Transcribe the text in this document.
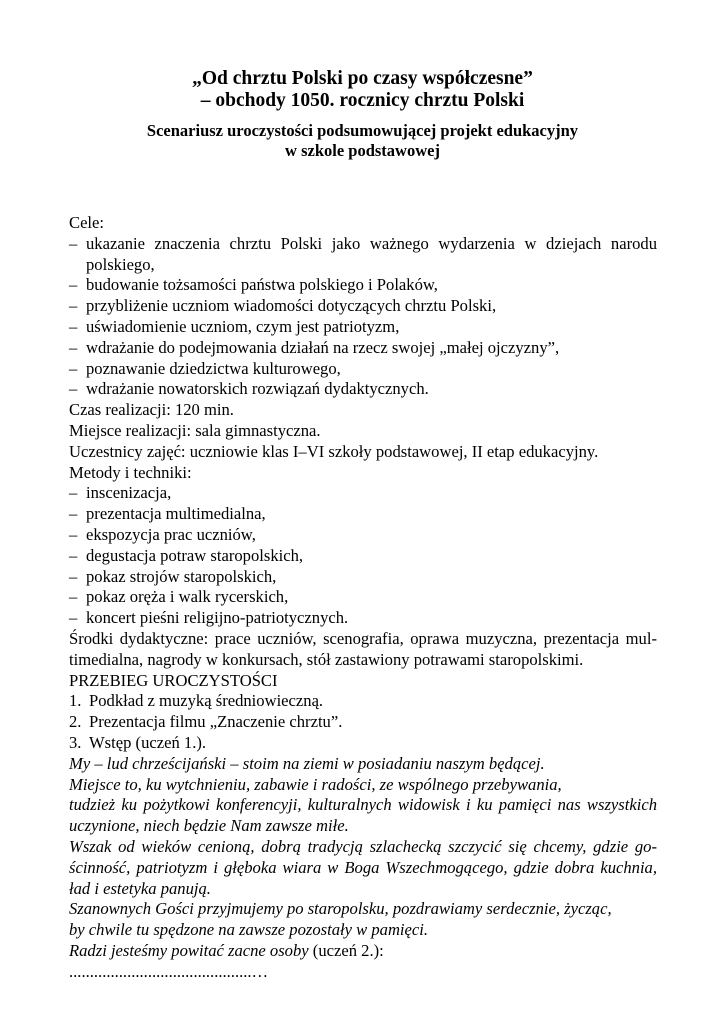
„Od chrztu Polski po czasy współczesne”
– obchody 1050. rocznicy chrztu Polski
Scenariusz uroczystości podsumowującej projekt edukacyjny
w szkole podstawowej
Cele:
– ukazanie znaczenia chrztu Polski jako ważnego wydarzenia w dziejach narodu
polskiego,
– budowanie tożsamości państwa polskiego i Polaków,
– przybliżenie uczniom wiadomości dotyczących chrztu Polski,
– uświadomienie uczniom, czym jest patriotyzm,
– wdrażanie do podejmowania działań na rzecz swojej „małej ojczyzny”,
– poznawanie dziedzictwa kulturowego,
– wdrażanie nowatorskich rozwiązań dydaktycznych.
Czas realizacji: 120 min.
Miejsce realizacji: sala gimnastyczna.
Uczestnicy zajęć: uczniowie klas I–VI szkoły podstawowej, II etap edukacyjny.
Metody i techniki:
– inscenizacja,
– prezentacja multimedialna,
– ekspozycja prac uczniów,
– degustacja potraw staropolskich,
– pokaz strojów staropolskich,
– pokaz oręża i walk rycerskich,
– koncert pieśni religijno-patriotycznych.
Środki dydaktyczne: prace uczniów, scenografia, oprawa muzyczna, prezentacja mul-
timedialna, nagrody w konkursach, stół zastawiony potrawami staropolskimi.
PRZEBIEG UROCZYSTOŚCI
1. Podkład z muzyką średniowieczną.
2. Prezentacja filmu „Znaczenie chrztu”.
3. Wstęp (uczeń 1.).
My – lud chrześcijański – stoim na ziemi w posiadaniu naszym będącej.
Miejsce to, ku wytchnieniu, zabawie i radości, ze wspólnego przebywania,
tudzież ku pożytkowi konferencyji, kulturalnych widowisk i ku pamięci nas wszystkich
uczynione, niech będzie Nam zawsze miłe.
Wszak od wieków cenioną, dobrą tradycją szlachecką szczycić się chcemy, gdzie go-
ścinność, patriotyzm i głęboka wiara w Boga Wszechmogącego, gdzie dobra kuchnia,
ład i estetyka panują.
Szanownych Gości przyjmujemy po staropolsku, pozdrawiamy serdecznie, życząc,
by chwile tu spędzone na zawsze pozostały w pamięci.
Radzi jesteśmy powitać zacne osoby (uczeń 2.):
............................................…
